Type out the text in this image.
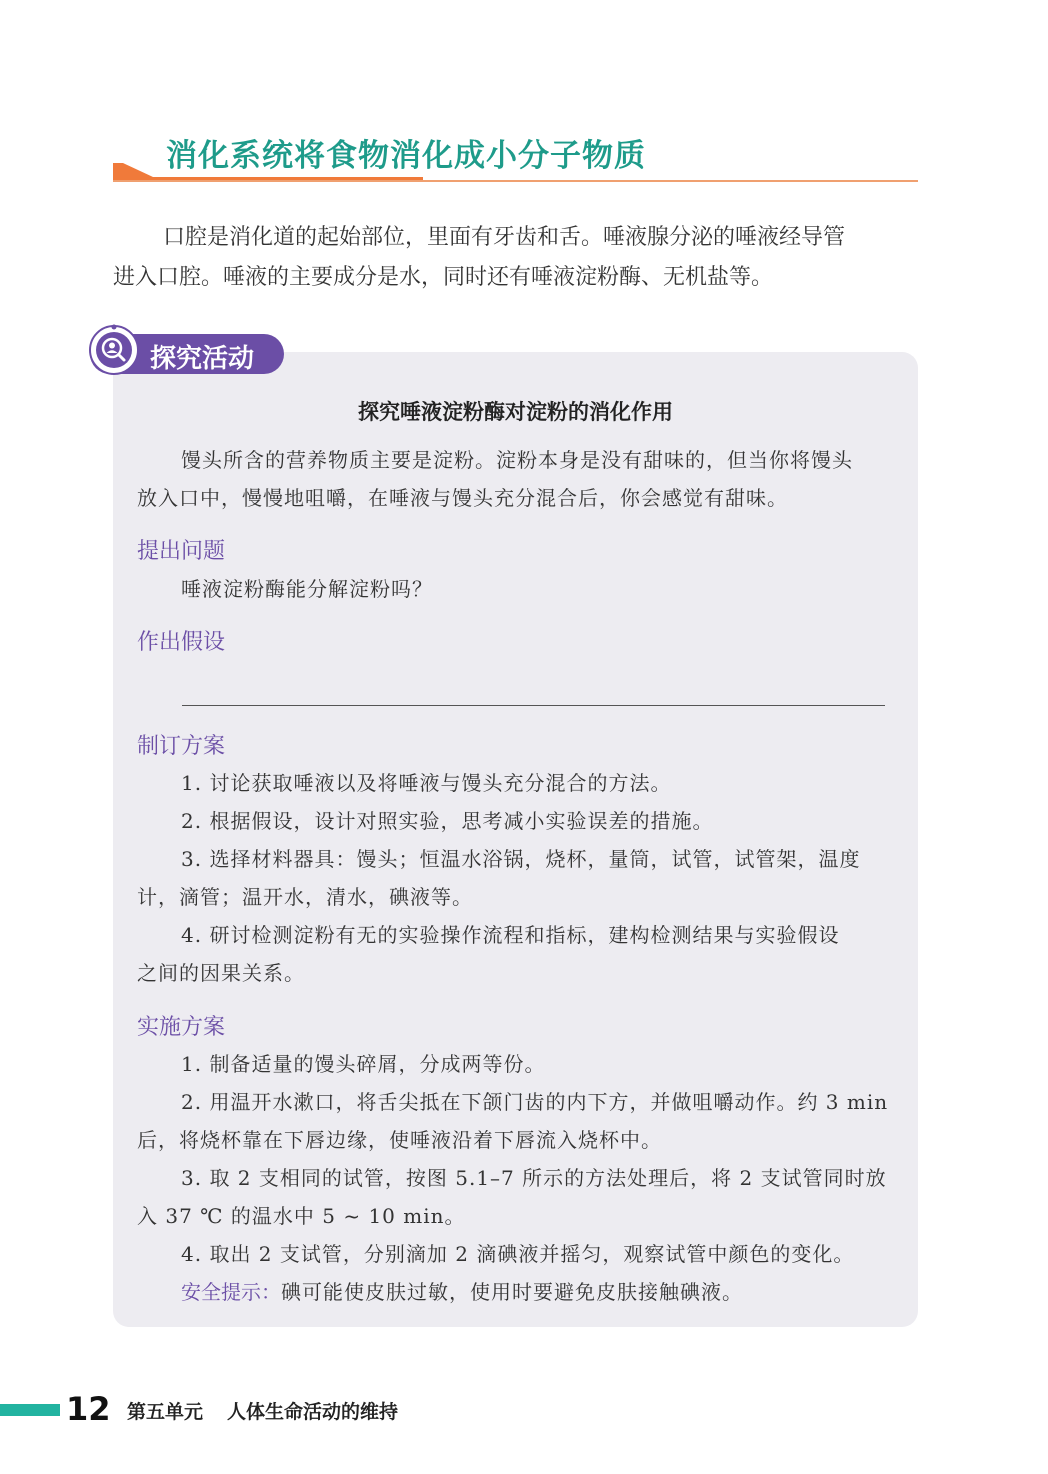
消化系统将食物消化成小分子物质
口腔是消化道的起始部位，里面有牙齿和舌。唾液腺分泌的唾液经导管
进入口腔。唾液的主要成分是水，同时还有唾液淀粉酶、无机盐等。
探究活动
探究唾液淀粉酶对淀粉的消化作用
馒头所含的营养物质主要是淀粉。淀粉本身是没有甜味的，但当你将馒头
放入口中，慢慢地咀嚼，在唾液与馒头充分混合后，你会感觉有甜味。
提出问题
唾液淀粉酶能分解淀粉吗？
作出假设
制订方案
1. 讨论获取唾液以及将唾液与馒头充分混合的方法。
2. 根据假设，设计对照实验，思考减小实验误差的措施。
3. 选择材料器具：馒头；恒温水浴锅，烧杯，量筒，试管，试管架，温度
计，滴管；温开水，清水，碘液等。
4. 研讨检测淀粉有无的实验操作流程和指标，建构检测结果与实验假设
之间的因果关系。
实施方案
1. 制备适量的馒头碎屑，分成两等份。
2. 用温开水漱口，将舌尖抵在下颌门齿的内下方，并做咀嚼动作。约 3 min
后，将烧杯靠在下唇边缘，使唾液沿着下唇流入烧杯中。
3. 取 2 支相同的试管，按图 5.1–7 所示的方法处理后，将 2 支试管同时放
入 37 ℃ 的温水中 5 ~ 10 min。
4. 取出 2 支试管，分别滴加 2 滴碘液并摇匀，观察试管中颜色的变化。
安全提示：碘可能使皮肤过敏，使用时要避免皮肤接触碘液。
12 第五单元 人体生命活动的维持
